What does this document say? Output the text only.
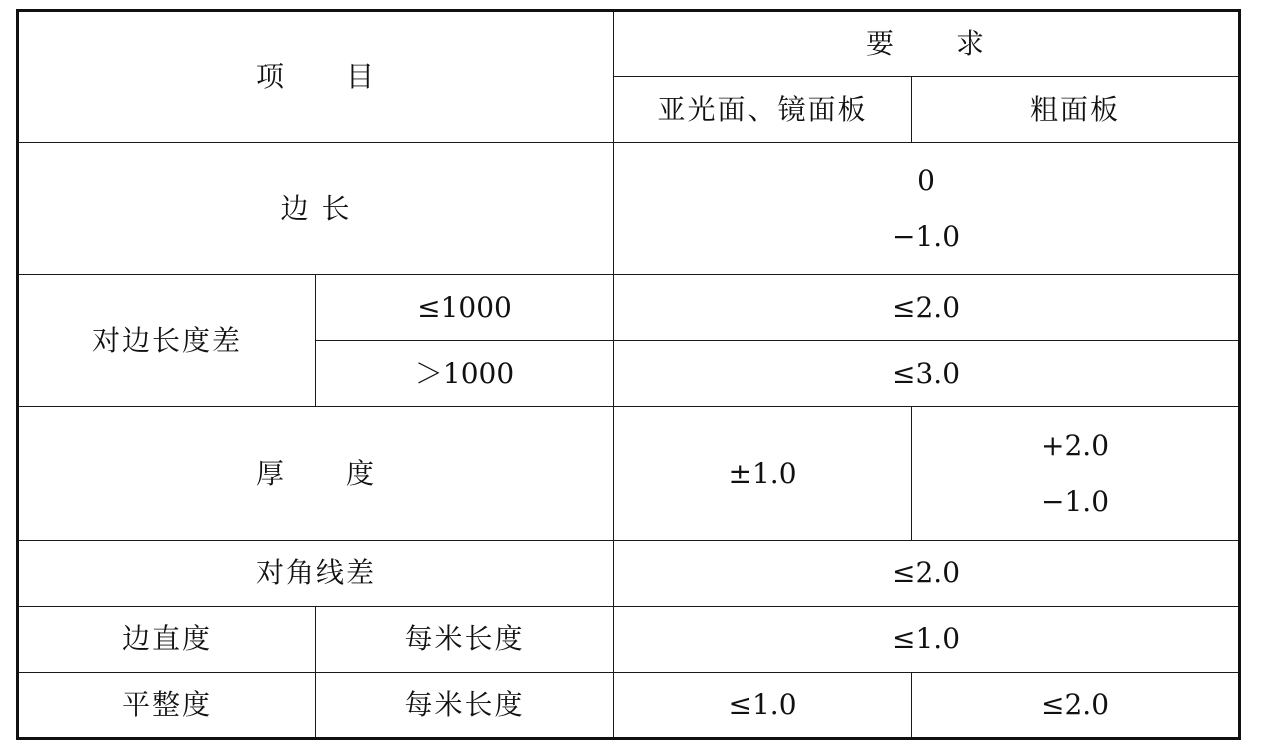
项　　目		要　　求	
		亚光面、镜面板	粗面板
边 长		0
−1.0	

对边长度差	≤1000	≤2.0	
	＞1000	≤3.0	
厚　　度		±1.0	+2.0
−1.0

对角线差		≤2.0	
边直度	每米长度	≤1.0	
平整度	每米长度	≤1.0	≤2.0
